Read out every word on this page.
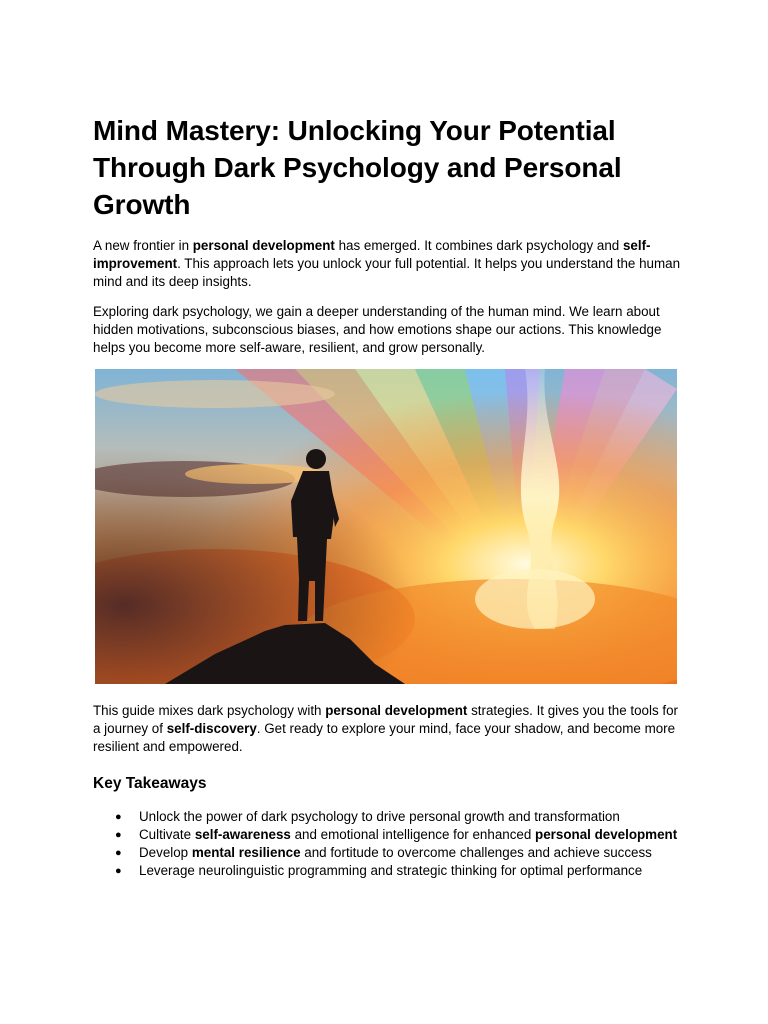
Mind Mastery: Unlocking Your Potential Through Dark Psychology and Personal Growth

A new frontier in personal development has emerged. It combines dark psychology and self-improvement. This approach lets you unlock your full potential. It helps you understand the human mind and its deep insights.

Exploring dark psychology, we gain a deeper understanding of the human mind. We learn about hidden motivations, subconscious biases, and how emotions shape our actions. This knowledge helps you become more self-aware, resilient, and grow personally.

This guide mixes dark psychology with personal development strategies. It gives you the tools for a journey of self-discovery. Get ready to explore your mind, face your shadow, and become more resilient and empowered.

Key Takeaways
● Unlock the power of dark psychology to drive personal growth and transformation
● Cultivate self-awareness and emotional intelligence for enhanced personal development
● Develop mental resilience and fortitude to overcome challenges and achieve success
● Leverage neurolinguistic programming and strategic thinking for optimal performance
